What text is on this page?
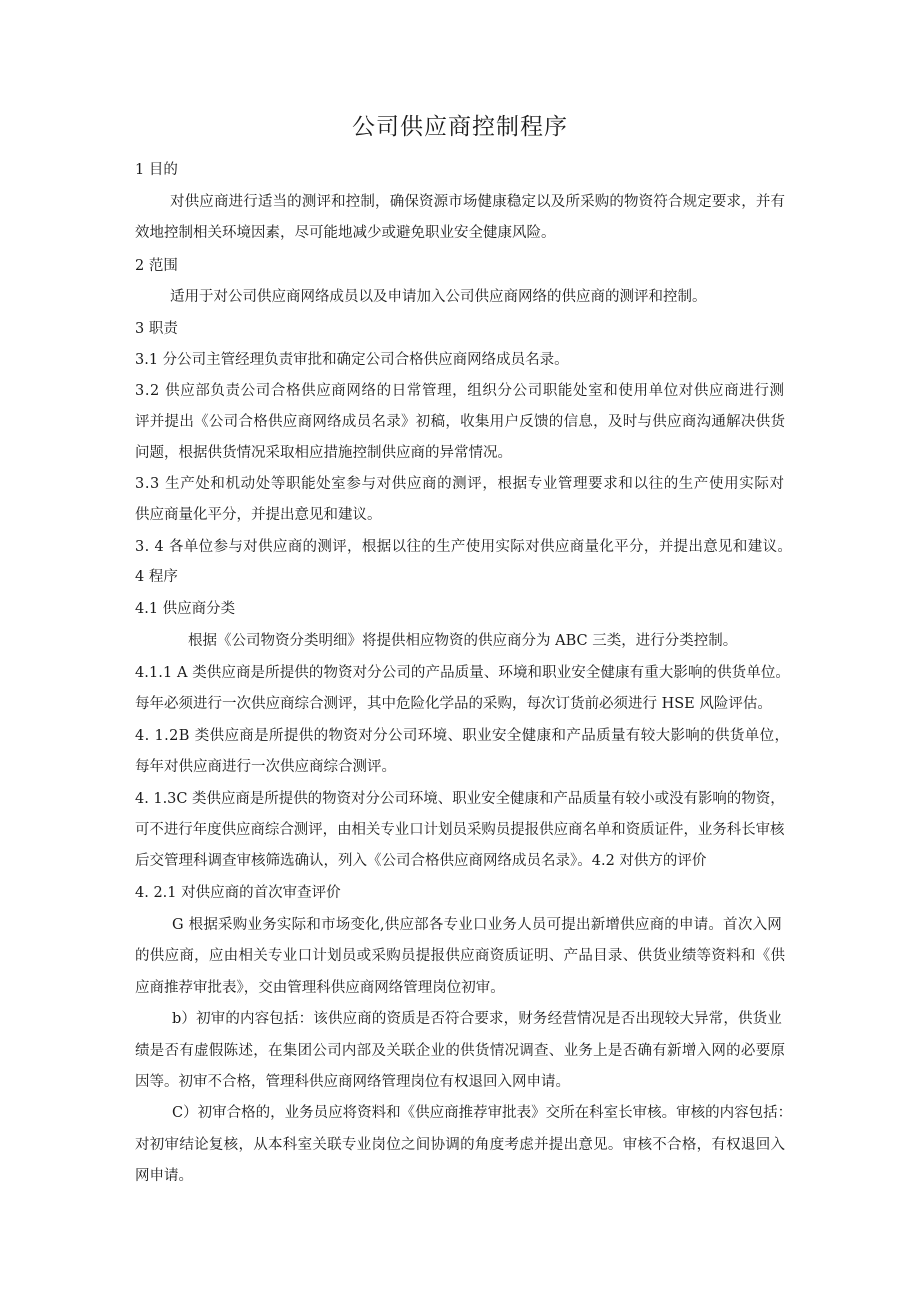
公司供应商控制程序
1 目的
对供应商进行适当的测评和控制，确保资源市场健康稳定以及所采购的物资符合规定要求，并有
效地控制相关环境因素，尽可能地减少或避免职业安全健康风险。
2 范围
适用于对公司供应商网络成员以及申请加入公司供应商网络的供应商的测评和控制。
3 职责
3.1 分公司主管经理负责审批和确定公司合格供应商网络成员名录。
3.2 供应部负责公司合格供应商网络的日常管理，组织分公司职能处室和使用单位对供应商进行测
评并提出《公司合格供应商网络成员名录》初稿，收集用户反馈的信息，及时与供应商沟通解决供货
问题，根据供货情况采取相应措施控制供应商的异常情况。
3.3 生产处和机动处等职能处室参与对供应商的测评，根据专业管理要求和以往的生产使用实际对
供应商量化平分，并提出意见和建议。
3. 4 各单位参与对供应商的测评，根据以往的生产使用实际对供应商量化平分，并提出意见和建议。
4 程序
4.1 供应商分类
根据《公司物资分类明细》将提供相应物资的供应商分为 ABC 三类，进行分类控制。
4.1.1 A 类供应商是所提供的物资对分公司的产品质量、环境和职业安全健康有重大影响的供货单位。
每年必须进行一次供应商综合测评，其中危险化学品的采购，每次订货前必须进行 HSE 风险评估。
4. 1.2B 类供应商是所提供的物资对分公司环境、职业安全健康和产品质量有较大影响的供货单位，
每年对供应商进行一次供应商综合测评。
4. 1.3C 类供应商是所提供的物资对分公司环境、职业安全健康和产品质量有较小或没有影响的物资，
可不进行年度供应商综合测评，由相关专业口计划员采购员提报供应商名单和资质证件，业务科长审核
后交管理科调查审核筛选确认，列入《公司合格供应商网络成员名录》。4.2 对供方的评价
4. 2.1 对供应商的首次审查评价
G 根据采购业务实际和市场变化,供应部各专业口业务人员可提出新增供应商的申请。首次入网
的供应商，应由相关专业口计划员或采购员提报供应商资质证明、产品目录、供货业绩等资料和《供
应商推荐审批表》，交由管理科供应商网络管理岗位初审。
b）初审的内容包括：该供应商的资质是否符合要求，财务经营情况是否出现较大异常，供货业
绩是否有虚假陈述，在集团公司内部及关联企业的供货情况调查、业务上是否确有新增入网的必要原
因等。初审不合格，管理科供应商网络管理岗位有权退回入网申请。
C）初审合格的，业务员应将资料和《供应商推荐审批表》交所在科室长审核。审核的内容包括：
对初审结论复核，从本科室关联专业岗位之间协调的角度考虑并提出意见。审核不合格，有权退回入
网申请。
